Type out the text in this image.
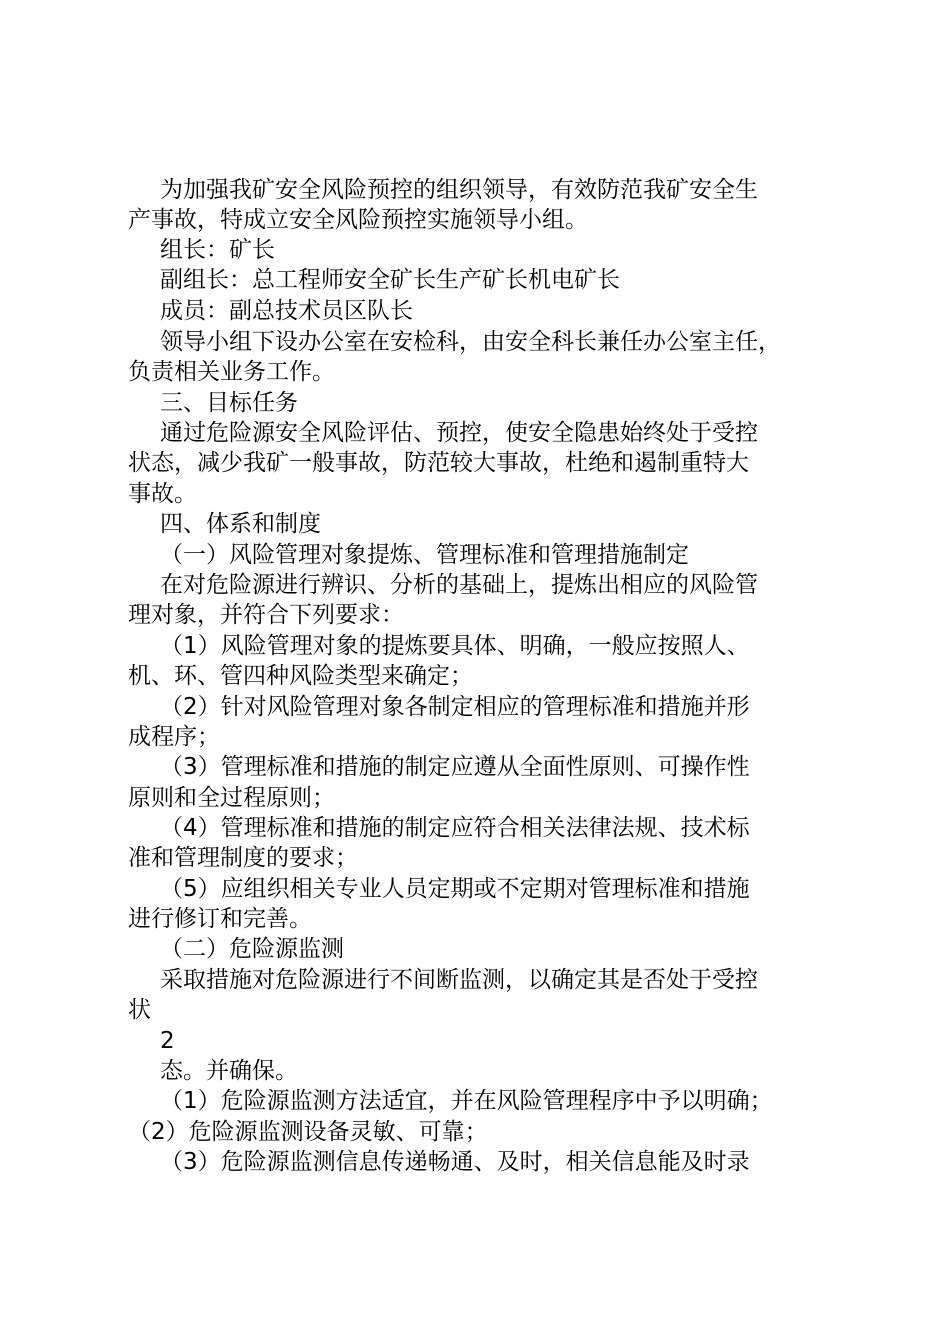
为加强我矿安全风险预控的组织领导，有效防范我矿安全生
产事故，特成立安全风险预控实施领导小组。
组长：矿长
副组长：总工程师安全矿长生产矿长机电矿长
成员：副总技术员区队长
领导小组下设办公室在安检科，由安全科长兼任办公室主任，
负责相关业务工作。
三、目标任务
通过危险源安全风险评估、预控，使安全隐患始终处于受控
状态，减少我矿一般事故，防范较大事故，杜绝和遏制重特大
事故。
四、体系和制度
（一）风险管理对象提炼、管理标准和管理措施制定
在对危险源进行辨识、分析的基础上，提炼出相应的风险管
理对象，并符合下列要求：
（1）风险管理对象的提炼要具体、明确，一般应按照人、
机、环、管四种风险类型来确定；
（2）针对风险管理对象各制定相应的管理标准和措施并形
成程序；
（3）管理标准和措施的制定应遵从全面性原则、可操作性
原则和全过程原则；
（4）管理标准和措施的制定应符合相关法律法规、技术标
准和管理制度的要求；
（5）应组织相关专业人员定期或不定期对管理标准和措施
进行修订和完善。
（二）危险源监测
采取措施对危险源进行不间断监测，以确定其是否处于受控
状
2
态。并确保。
（1）危险源监测方法适宜，并在风险管理程序中予以明确；
（2）危险源监测设备灵敏、可靠；
（3）危险源监测信息传递畅通、及时，相关信息能及时录
